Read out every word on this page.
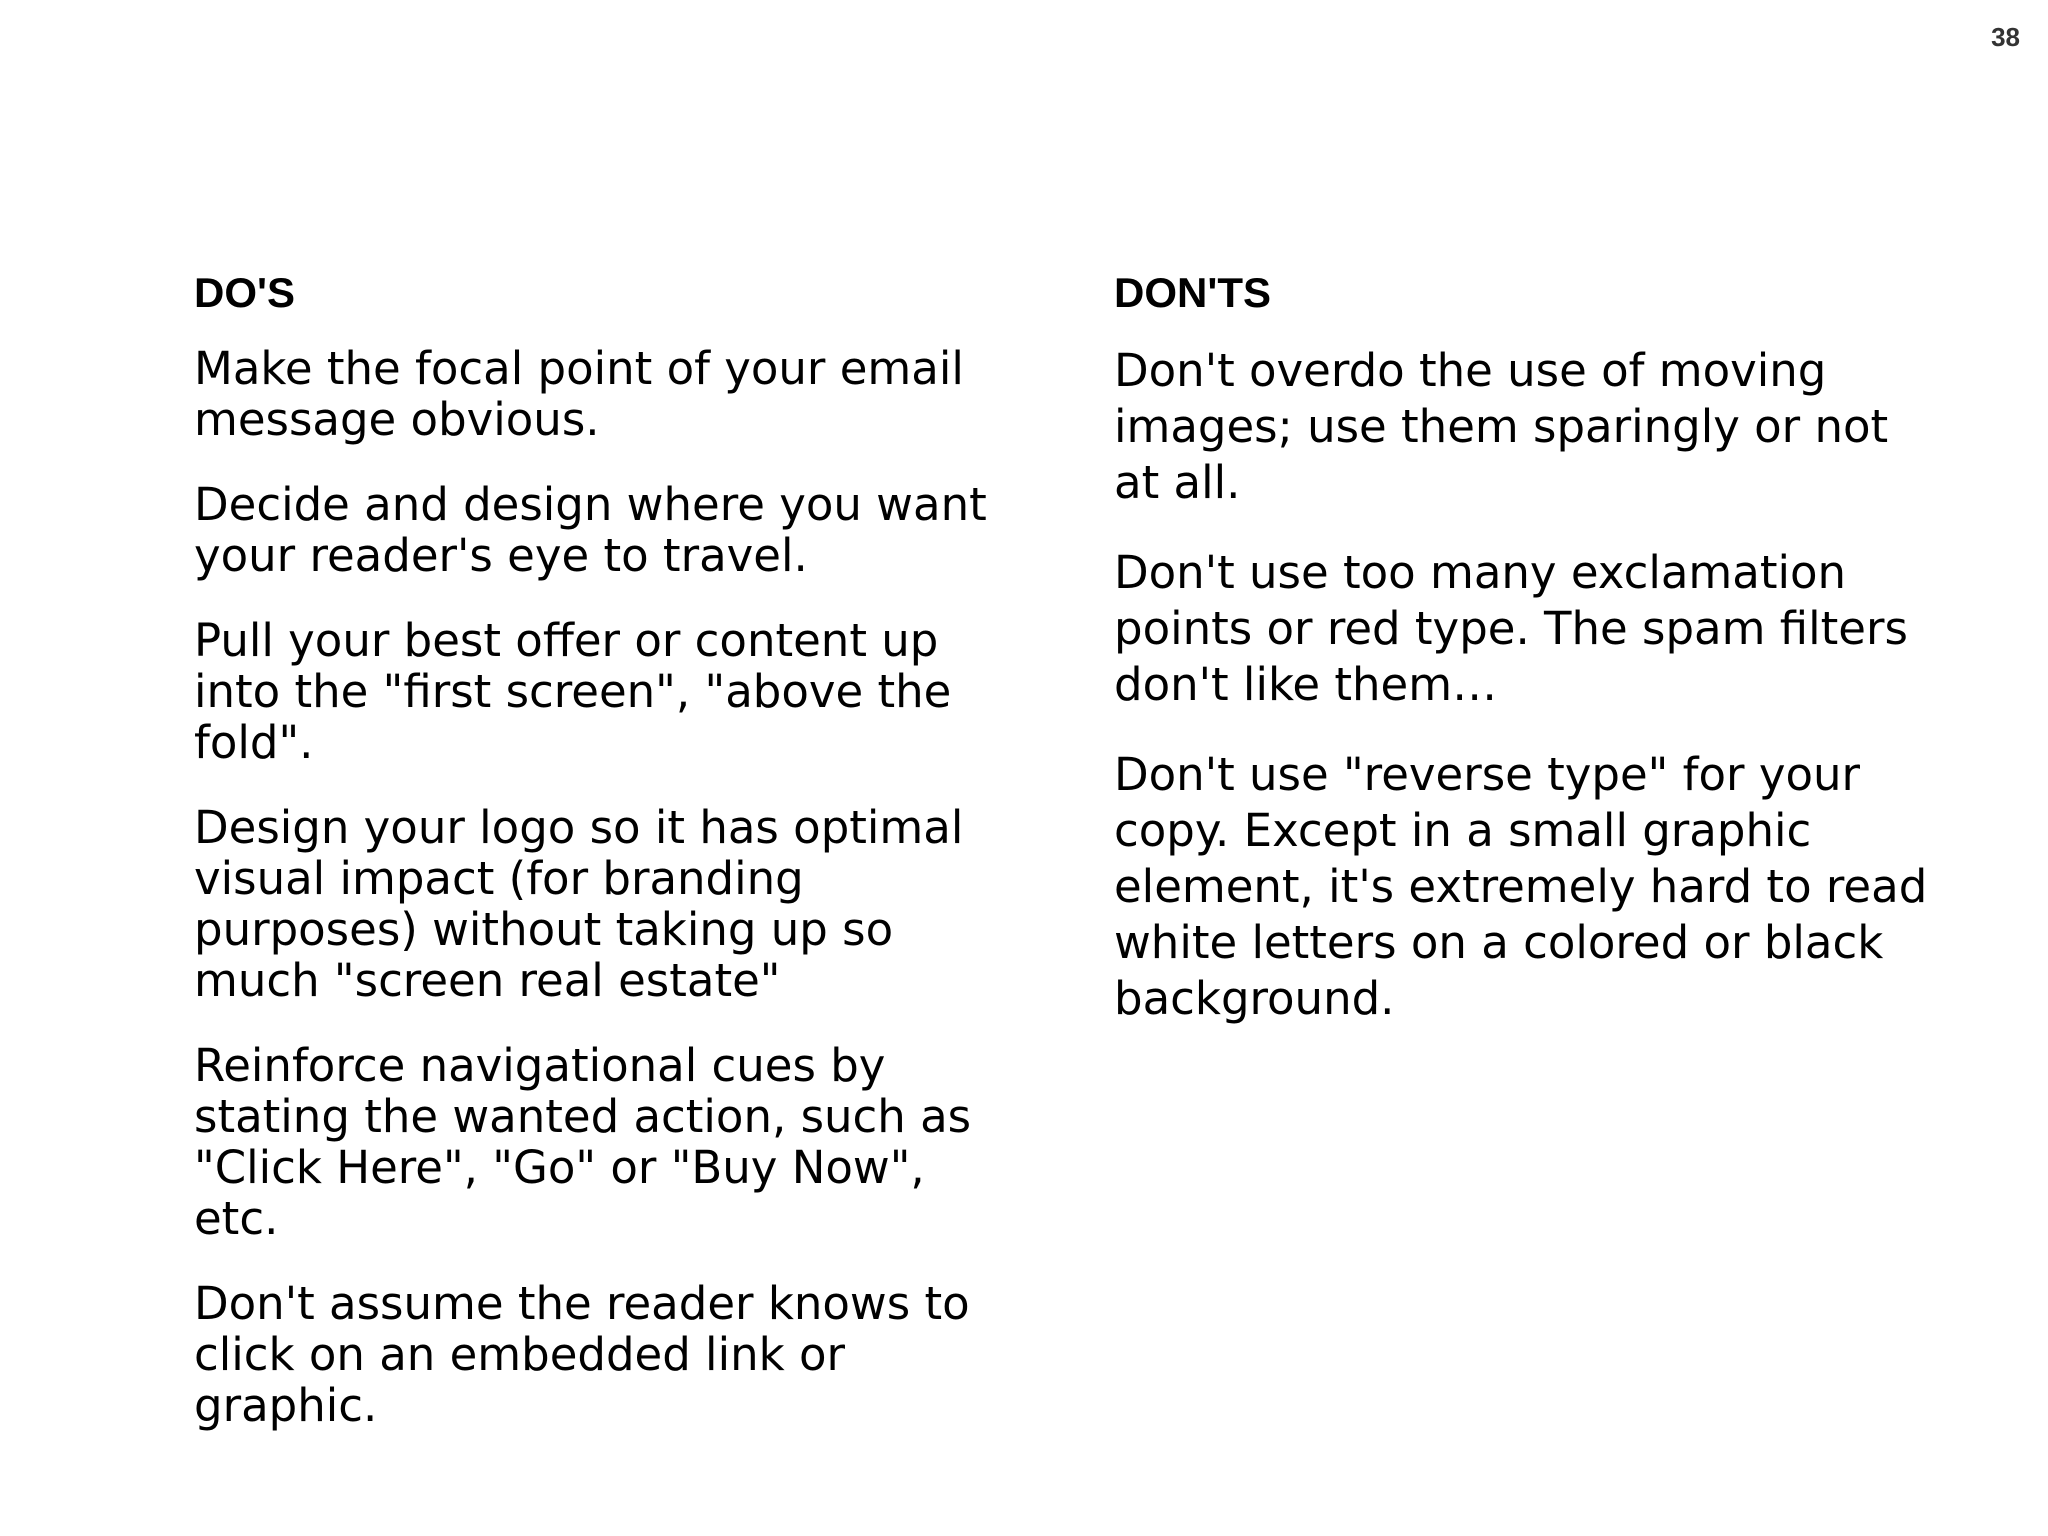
38
DO'S

Make the focal point of your email
message obvious.

Decide and design where you want
your reader's eye to travel.

Pull your best offer or content up
into the "first screen", "above the
fold".

Design your logo so it has optimal
visual impact (for branding
purposes) without taking up so
much "screen real estate"

Reinforce navigational cues by
stating the wanted action, such as
"Click Here", "Go" or "Buy Now",
etc.

Don't assume the reader knows to
click on an embedded link or
graphic.

DON'TS

Don't overdo the use of moving
images; use them sparingly or not
at all.

Don't use too many exclamation
points or red type. The spam filters
don't like them…

Don't use "reverse type" for your
copy. Except in a small graphic
element, it's extremely hard to read
white letters on a colored or black
background.
